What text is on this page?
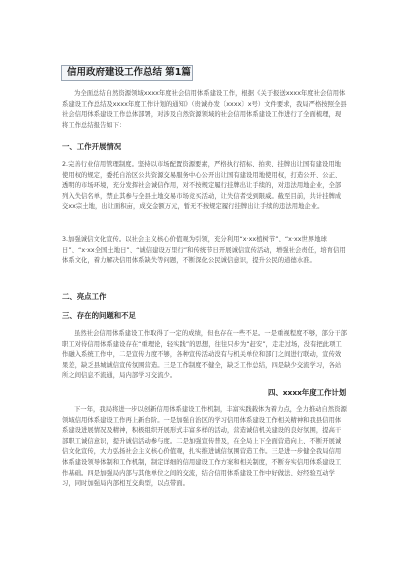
信用政府建设工作总结 第1篇
为全面总结自然资源领域xxxx年度社会信用体系建设工作，根据《关于报送xxxx年度社会信用体系建设工作总结及xxxx年度工作计划的通知》（贵诚办发〔xxxx〕x号）文件要求，我局严格按照全县社会信用体系建设工作总体部署，对涉及自然资源领域的社会信用体系建设工作进行了全面梳理，现将工作总结报告如下：
一、工作开展情况
2.完善行业信用管理制度。坚持以市场配置资源要素，严格执行招标、拍卖、挂牌出让国有建设用地使用权的规定，委托自治区公共资源交易服务中心公开出让国有建设用地使用权，打造公开、公正、透明的市场环境，充分发挥社会诚信作用，对不按规定履行挂牌出让手续的，对违法用地企业，全部列入失信名单，禁止其参与全县土地交易市场竞买活动，让失信者受到限威。截至目前，共计挂牌成交xx宗土地，出让面积亩，成交金额万元，暂无不按规定履行挂牌出让手续的违法用地企业。
3.加强诚信文化宣传。以社会主义核心价值观为引领，充分利用“x·xx植树节”、“x·xx世界地球日”、“x·xx全国土地日”、“诚信建设万里行”和传统节日开展诚信宣传活动，增强社会责任，培育信用体系文化，着力解决信用体系缺失等问题，不断深化公民诚信意识，提升公民的道德水准。
二、亮点工作
三、存在的问题和不足
虽然社会信用体系建设工作取得了一定的成绩，但也存在一些不足。一是重视程度不够，部分干部职工对待信用体系建设存在“重理论，轻实践”的思想，往往只步为“赶安”，走走过场，没有把此项工作融入系统工作中，二是宣传力度不够，各种宣传活动没有与机关单位和部门之间进行联动，宣传效果差，缺乏县城诚信宣传氛围营造。三是工作制度不健全，缺乏工作总结，四是缺少交流学习，各站所之间信息不流通，局内部学习交流少。
四、xxxx年度工作计划
下一年，我局将进一步以创新信用体系建设工作机制，丰富实践载体为着力点，全力推动自然资源领域信用体系建设工作再上新台阶。一是加强自治区的学习信用体系建设工作相关精神和我县信用体系建设进展情况及精神，积极组织开展形式丰富多样的活动，营造诚信机关建设的良好氛围，提高干部职工诚信意识，提升诚信活动参与度。二是加强宣传普及，在全局上下全面营造向上、不断开展诚信文化宣传，大力弘扬社会主义核心价值观，扎实推进诚信氛围营造工作。三是进一步健全我局信用体系建设领导体制和工作机制，制定详细的信用建设工作方案和相关制度，不断夯实信用体系建设工作基础。四是加强局内部与其他单位之间的交流，结合信用体系建设工作中好做法、好经验互动学习，同时加强局内部相互交典型，以点带面。
